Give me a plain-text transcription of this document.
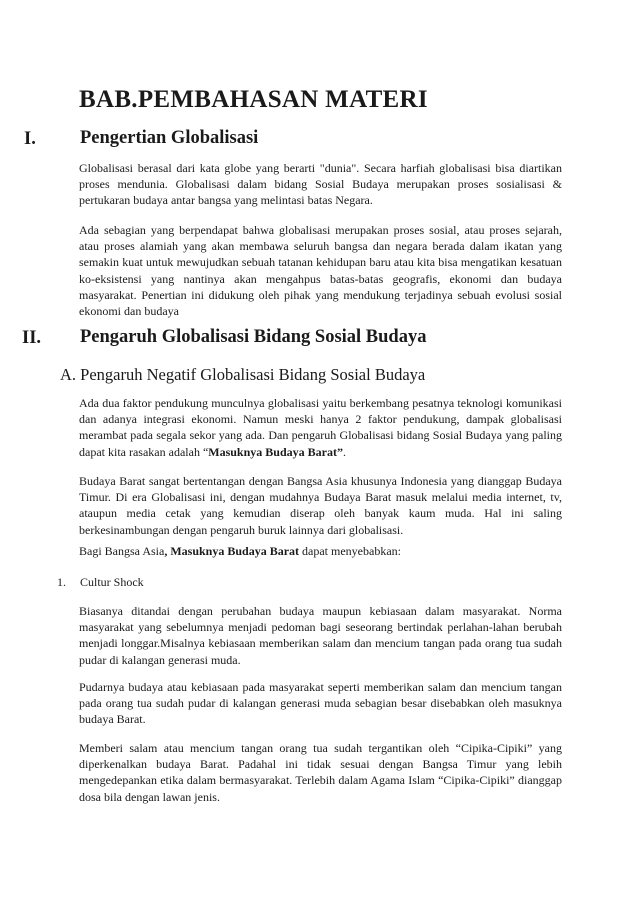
BAB.PEMBAHASAN MATERI
I. Pengertian Globalisasi
Globalisasi berasal dari kata globe yang berarti "dunia". Secara harfiah globalisasi bisa diartikan proses mendunia. Globalisasi dalam bidang Sosial Budaya merupakan proses sosialisasi & pertukaran budaya antar bangsa yang melintasi batas Negara.
Ada sebagian yang berpendapat bahwa globalisasi merupakan proses sosial, atau proses sejarah, atau proses alamiah yang akan membawa seluruh bangsa dan negara berada dalam ikatan yang semakin kuat untuk mewujudkan sebuah tatanan kehidupan baru atau kita bisa mengatikan kesatuan ko-eksistensi yang nantinya akan mengahpus batas-batas geografis, ekonomi dan budaya masyarakat. Penertian ini didukung oleh pihak yang mendukung terjadinya sebuah evolusi sosial ekonomi dan budaya
II. Pengaruh Globalisasi Bidang Sosial Budaya
A. Pengaruh Negatif Globalisasi Bidang Sosial Budaya
Ada dua faktor pendukung munculnya globalisasi yaitu berkembang pesatnya teknologi komunikasi dan adanya integrasi ekonomi. Namun meski hanya 2 faktor pendukung, dampak globalisasi merambat pada segala sekor yang ada. Dan pengaruh Globalisasi bidang Sosial Budaya yang paling dapat kita rasakan adalah “Masuknya Budaya Barat”.
Budaya Barat sangat bertentangan dengan Bangsa Asia khusunya Indonesia yang dianggap Budaya Timur. Di era Globalisasi ini, dengan mudahnya Budaya Barat masuk melalui media internet, tv, ataupun media cetak yang kemudian diserap oleh banyak kaum muda. Hal ini saling berkesinambungan dengan pengaruh buruk lainnya dari globalisasi.
Bagi Bangsa Asia, Masuknya Budaya Barat dapat menyebabkan:
1. Cultur Shock
Biasanya ditandai dengan perubahan budaya maupun kebiasaan dalam masyarakat. Norma masyarakat yang sebelumnya menjadi pedoman bagi seseorang bertindak perlahan-lahan berubah menjadi longgar.Misalnya kebiasaan memberikan salam dan mencium tangan pada orang tua sudah pudar di kalangan generasi muda.
Pudarnya budaya atau kebiasaan pada masyarakat seperti memberikan salam dan mencium tangan pada orang tua sudah pudar di kalangan generasi muda sebagian besar disebabkan oleh masuknya budaya Barat.
Memberi salam atau mencium tangan orang tua sudah tergantikan oleh “Cipika-Cipiki” yang diperkenalkan budaya Barat. Padahal ini tidak sesuai dengan Bangsa Timur yang lebih mengedepankan etika dalam bermasyarakat. Terlebih dalam Agama Islam “Cipika-Cipiki” dianggap dosa bila dengan lawan jenis.
